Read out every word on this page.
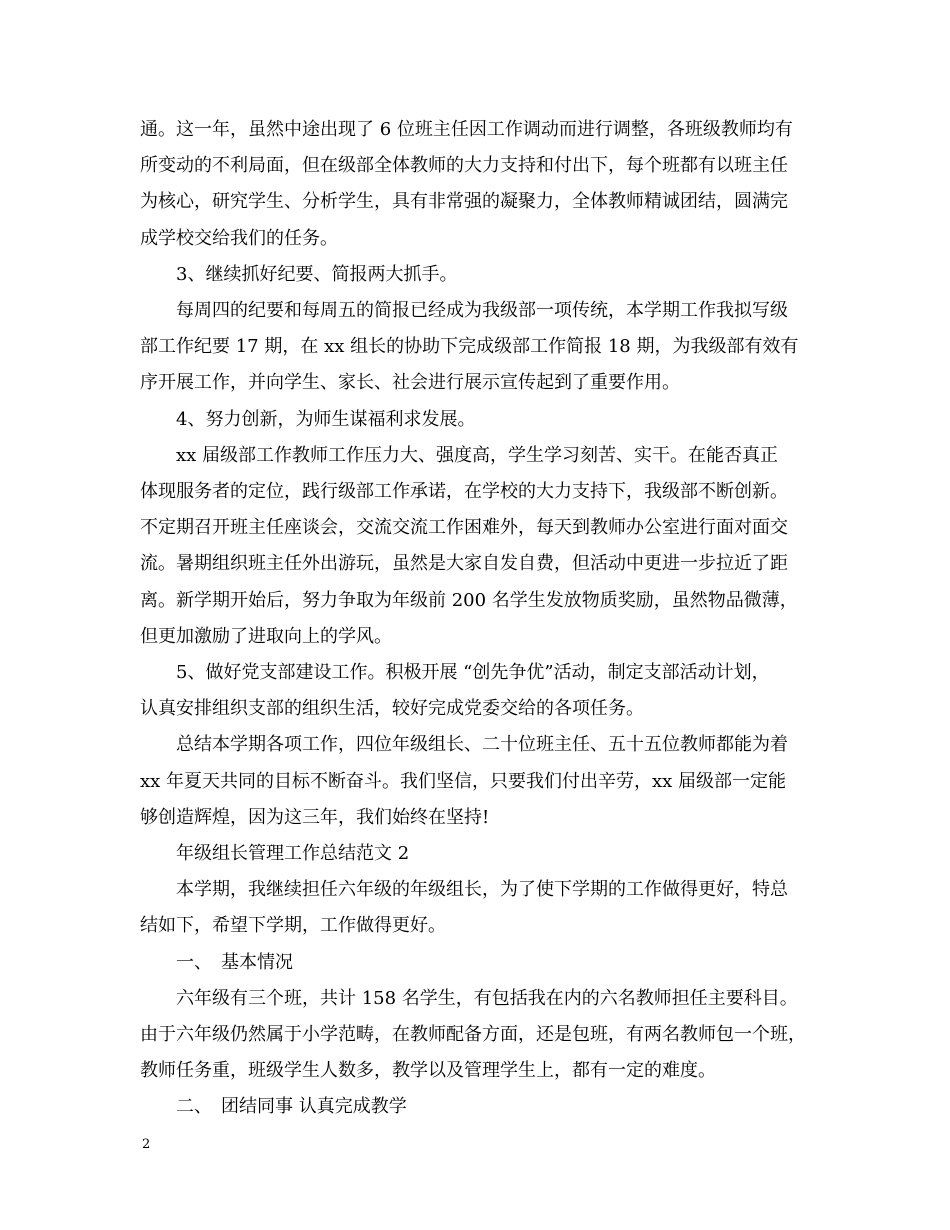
通。这一年，虽然中途出现了 6 位班主任因工作调动而进行调整，各班级教师均有
所变动的不利局面，但在级部全体教师的大力支持和付出下，每个班都有以班主任
为核心，研究学生、分析学生，具有非常强的凝聚力，全体教师精诚团结，圆满完
成学校交给我们的任务。

　　3、继续抓好纪要、简报两大抓手。

　　每周四的纪要和每周五的简报已经成为我级部一项传统，本学期工作我拟写级
部工作纪要 17 期，在 xx 组长的协助下完成级部工作简报 18 期，为我级部有效有
序开展工作，并向学生、家长、社会进行展示宣传起到了重要作用。

　　4、努力创新，为师生谋福利求发展。

　　xx 届级部工作教师工作压力大、强度高，学生学习刻苦、实干。在能否真正
体现服务者的定位，践行级部工作承诺，在学校的大力支持下，我级部不断创新。
不定期召开班主任座谈会，交流交流工作困难外，每天到教师办公室进行面对面交
流。暑期组织班主任外出游玩，虽然是大家自发自费，但活动中更进一步拉近了距
离。新学期开始后，努力争取为年级前 200 名学生发放物质奖励，虽然物品微薄，
但更加激励了进取向上的学风。

　　5、做好党支部建设工作。积极开展 “创先争优”活动，制定支部活动计划，
认真安排组织支部的组织生活，较好完成党委交给的各项任务。

　　总结本学期各项工作，四位年级组长、二十位班主任、五十五位教师都能为着
xx 年夏天共同的目标不断奋斗。我们坚信，只要我们付出辛劳，xx 届级部一定能
够创造辉煌，因为这三年，我们始终在坚持!

　　年级组长管理工作总结范文 2

　　本学期，我继续担任六年级的年级组长，为了使下学期的工作做得更好，特总
结如下，希望下学期，工作做得更好。

　　一、　基本情况

　　六年级有三个班，共计 158 名学生，有包括我在内的六名教师担任主要科目。
由于六年级仍然属于小学范畴，在教师配备方面，还是包班，有两名教师包一个班，
教师任务重，班级学生人数多，教学以及管理学生上，都有一定的难度。

　　二、　团结同事 认真完成教学

2
